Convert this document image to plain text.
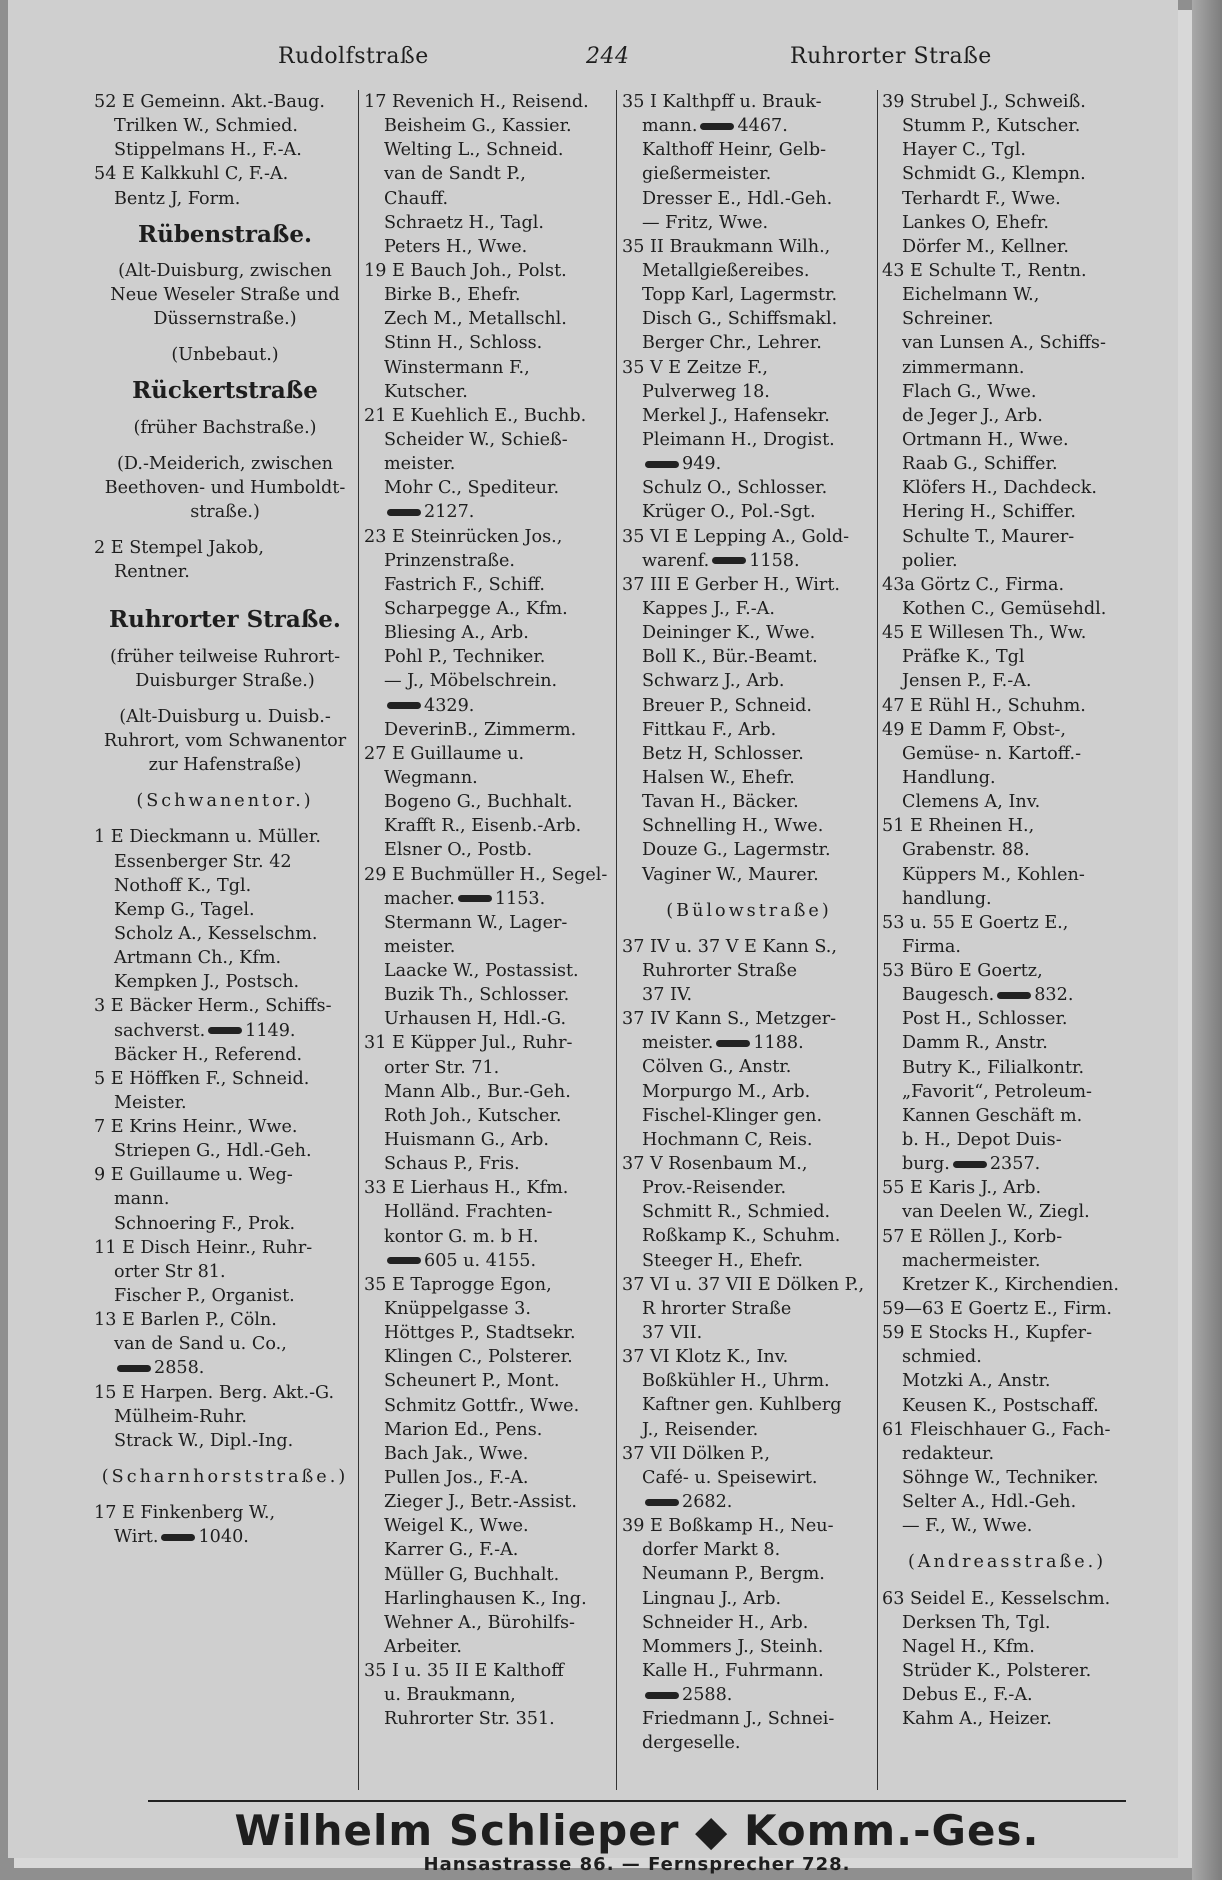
Rudolfstraße	244	Ruhrorter Straße
52 E Gemeinn. Akt.-Baug.
Trilken W., Schmied.
Stippelmans H., F.-A.
54 E Kalkkuhl C, F.-A.
Bentz J, Form.
Rübenstraße.
(Alt-Duisburg, zwischen
Neue Weseler Straße und
Düssernstraße.)
(Unbebaut.)
Rückertstraße
(früher Bachstraße.)
(D.-Meiderich, zwischen
Beethoven- und Humboldt-
straße.)
2 E Stempel Jakob,
Rentner.
Ruhrorter Straße.
(früher teilweise Ruhrort-
Duisburger Straße.)
(Alt-Duisburg u. Duisb.-
Ruhrort, vom Schwanentor
zur Hafenstraße)
(Schwanentor.)
1 E Dieckmann u. Müller.
Essenberger Str. 42
Nothoff K., Tgl.
Kemp G., Tagel.
Scholz A., Kesselschm.
Artmann Ch., Kfm.
Kempken J., Postsch.
3 E Bäcker Herm., Schiffs-
sachverst. 1149.
Bäcker H., Referend.
5 E Höffken F., Schneid.
Meister.
7 E Krins Heinr., Wwe.
Striepen G., Hdl.-Geh.
9 E Guillaume u. Weg-
mann.
Schnoering F., Prok.
11 E Disch Heinr., Ruhr-
orter Str 81.
Fischer P., Organist.
13 E Barlen P., Cöln.
van de Sand u. Co.,
2858.
15 E Harpen. Berg. Akt.-G.
Mülheim-Ruhr.
Strack W., Dipl.-Ing.
(Scharnhorststraße.)
17 E Finkenberg W.,
Wirt. 1040.
17 Revenich H., Reisend.
Beisheim G., Kassier.
Welting L., Schneid.
van de Sandt P.,
Chauff.
Schraetz H., Tagl.
Peters H., Wwe.
19 E Bauch Joh., Polst.
Birke B., Ehefr.
Zech M., Metallschl.
Stinn H., Schloss.
Winstermann F.,
Kutscher.
21 E Kuehlich E., Buchb.
Scheider W., Schieß-
meister.
Mohr C., Spediteur.
2127.
23 E Steinrücken Jos.,
Prinzenstraße.
Fastrich F., Schiff.
Scharpegge A., Kfm.
Bliesing A., Arb.
Pohl P., Techniker.
— J., Möbelschrein.
4329.
DeverinB., Zimmerm.
27 E Guillaume u.
Wegmann.
Bogeno G., Buchhalt.
Krafft R., Eisenb.-Arb.
Elsner O., Postb.
29 E Buchmüller H., Segel-
macher. 1153.
Stermann W., Lager-
meister.
Laacke W., Postassist.
Buzik Th., Schlosser.
Urhausen H, Hdl.-G.
31 E Küpper Jul., Ruhr-
orter Str. 71.
Mann Alb., Bur.-Geh.
Roth Joh., Kutscher.
Huismann G., Arb.
Schaus P., Fris.
33 E Lierhaus H., Kfm.
Holländ. Frachten-
kontor G. m. b H.
605 u. 4155.
35 E Taprogge Egon,
Knüppelgasse 3.
Höttges P., Stadtsekr.
Klingen C., Polsterer.
Scheunert P., Mont.
Schmitz Gottfr., Wwe.
Marion Ed., Pens.
Bach Jak., Wwe.
Pullen Jos., F.-A.
Zieger J., Betr.-Assist.
Weigel K., Wwe.
Karrer G., F.-A.
Müller G, Buchhalt.
Harlinghausen K., Ing.
Wehner A., Bürohilfs-
Arbeiter.
35 I u. 35 II E Kalthoff
u. Braukmann,
Ruhrorter Str. 351.
35 I Kalthpff u. Brauk-
mann. 4467.
Kalthoff Heinr, Gelb-
gießermeister.
Dresser E., Hdl.-Geh.
— Fritz, Wwe.
35 II Braukmann Wilh.,
Metallgießereibes.
Topp Karl, Lagermstr.
Disch G., Schiffsmakl.
Berger Chr., Lehrer.
35 V E Zeitze F.,
Pulverweg 18.
Merkel J., Hafensekr.
Pleimann H., Drogist.
949.
Schulz O., Schlosser.
Krüger O., Pol.-Sgt.
35 VI E Lepping A., Gold-
warenf. 1158.
37 III E Gerber H., Wirt.
Kappes J., F.-A.
Deininger K., Wwe.
Boll K., Bür.-Beamt.
Schwarz J., Arb.
Breuer P., Schneid.
Fittkau F., Arb.
Betz H, Schlosser.
Halsen W., Ehefr.
Tavan H., Bäcker.
Schnelling H., Wwe.
Douze G., Lagermstr.
Vaginer W., Maurer.
(Bülowstraße)
37 IV u. 37 V E Kann S.,
Ruhrorter Straße
37 IV.
37 IV Kann S., Metzger-
meister. 1188.
Cölven G., Anstr.
Morpurgo M., Arb.
Fischel-Klinger gen.
Hochmann C, Reis.
37 V Rosenbaum M.,
Prov.-Reisender.
Schmitt R., Schmied.
Roßkamp K., Schuhm.
Steeger H., Ehefr.
37 VI u. 37 VII E Dölken P.,
R hrorter Straße
37 VII.
37 VI Klotz K., Inv.
Boßkühler H., Uhrm.
Kaftner gen. Kuhlberg
J., Reisender.
37 VII Dölken P.,
Café- u. Speisewirt.
2682.
39 E Boßkamp H., Neu-
dorfer Markt 8.
Neumann P., Bergm.
Lingnau J., Arb.
Schneider H., Arb.
Mommers J., Steinh.
Kalle H., Fuhrmann.
2588.
Friedmann J., Schnei-
dergeselle.
39 Strubel J., Schweiß.
Stumm P., Kutscher.
Hayer C., Tgl.
Schmidt G., Klempn.
Terhardt F., Wwe.
Lankes O, Ehefr.
Dörfer M., Kellner.
43 E Schulte T., Rentn.
Eichelmann W.,
Schreiner.
van Lunsen A., Schiffs-
zimmermann.
Flach G., Wwe.
de Jeger J., Arb.
Ortmann H., Wwe.
Raab G., Schiffer.
Klöfers H., Dachdeck.
Hering H., Schiffer.
Schulte T., Maurer-
polier.
43a Görtz C., Firma.
Kothen C., Gemüsehdl.
45 E Willesen Th., Ww.
Präfke K., Tgl
Jensen P., F.-A.
47 E Rühl H., Schuhm.
49 E Damm F, Obst-,
Gemüse- n. Kartoff.-
Handlung.
Clemens A, Inv.
51 E Rheinen H.,
Grabenstr. 88.
Küppers M., Kohlen-
handlung.
53 u. 55 E Goertz E.,
Firma.
53 Büro E Goertz,
Baugesch. 832.
Post H., Schlosser.
Damm R., Anstr.
Butry K., Filialkontr.
„Favorit“, Petroleum-
Kannen Geschäft m.
b. H., Depot Duis-
burg. 2357.
55 E Karis J., Arb.
van Deelen W., Ziegl.
57 E Röllen J., Korb-
machermeister.
Kretzer K., Kirchendien.
59—63 E Goertz E., Firm.
59 E Stocks H., Kupfer-
schmied.
Motzki A., Anstr.
Keusen K., Postschaff.
61 Fleischhauer G., Fach-
redakteur.
Söhnge W., Techniker.
Selter A., Hdl.-Geh.
— F., W., Wwe.
(Andreasstraße.)
63 Seidel E., Kesselschm.
Derksen Th, Tgl.
Nagel H., Kfm.
Strüder K., Polsterer.
Debus E., F.-A.
Kahm A., Heizer.
Wilhelm Schlieper ◆ Komm.-Ges.
Hansastrasse 86. — Fernsprecher 728.
